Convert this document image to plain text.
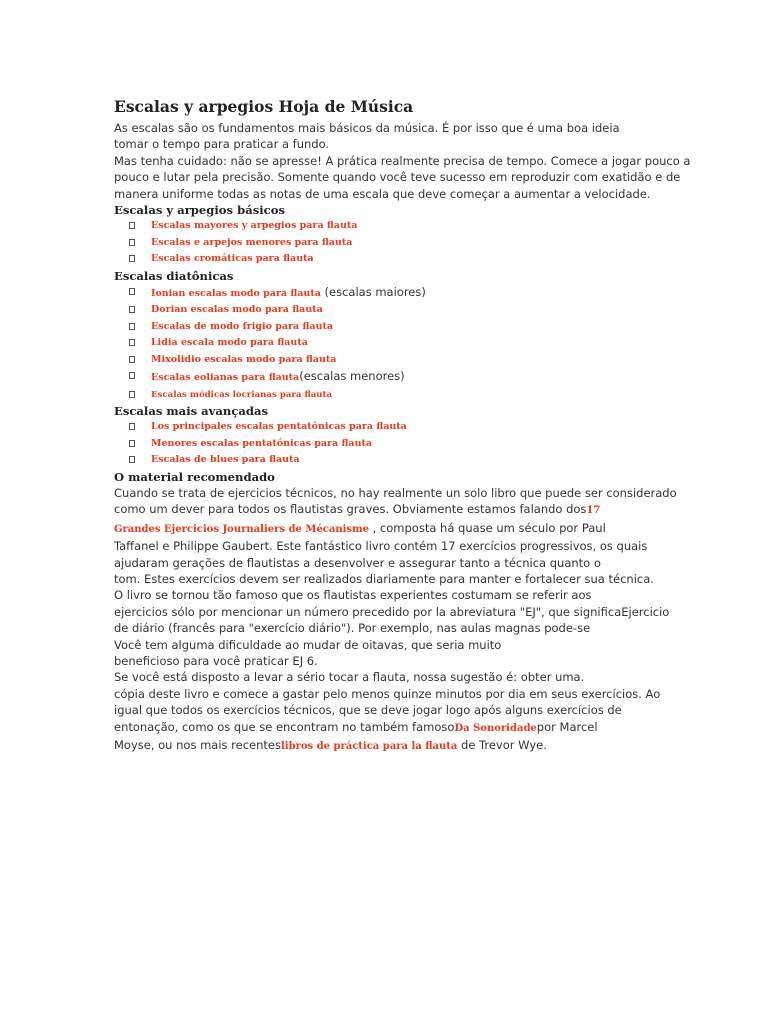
Escalas y arpegios Hoja de Música

As escalas são os fundamentos mais básicos da música. É por isso que é uma boa ideia

tomar o tempo para praticar a fundo.

Mas tenha cuidado: não se apresse! A prática realmente precisa de tempo. Comece a jogar pouco a

pouco e lutar pela precisão. Somente quando você teve sucesso em reproduzir com exatidão e de

manera uniforme todas as notas de uma escala que deve começar a aumentar a velocidade.

Escalas y arpegios básicos
Escalas mayores y arpegios para flauta
Escalas e arpejos menores para flauta
Escalas cromáticas para flauta
Escalas diatônicas
Ionian escalas modo para flauta (escalas maiores)
Dorian escalas modo para flauta
Escalas de modo frigio para flauta
Lidia escala modo para flauta
Mixolidio escalas modo para flauta
Escalas eolianas para flauta(escalas menores)
Escalas módicas locrianas para flauta
Escalas mais avançadas
Los principales escalas pentatónicas para flauta
Menores escalas pentatónicas para flauta
Escalas de blues para flauta
O material recomendado

Cuando se trata de ejercicios técnicos, no hay realmente un solo libro que puede ser considerado

como um dever para todos os flautistas graves. Obviamente estamos falando dos17

Grandes Ejercicios Journaliers de Mécanisme , composta há quase um século por Paul

Taffanel e Philippe Gaubert. Este fantástico livro contém 17 exercícios progressivos, os quais

ajudaram gerações de flautistas a desenvolver e assegurar tanto a técnica quanto o

tom. Estes exercícios devem ser realizados diariamente para manter e fortalecer sua técnica.

O livro se tornou tão famoso que os flautistas experientes costumam se referir aos

ejercicios sólo por mencionar un número precedido por la abreviatura "EJ", que significaEjercicio

de diário (francês para "exercício diário"). Por exemplo, nas aulas magnas pode-se

Você tem alguma dificuldade ao mudar de oitavas, que seria muito

beneficioso para você praticar EJ 6.

Se você está disposto a levar a sério tocar a flauta, nossa sugestão é: obter uma.

cópia deste livro e comece a gastar pelo menos quinze minutos por dia em seus exercícios. Ao

igual que todos os exercícios técnicos, que se deve jogar logo após alguns exercícios de

entonação, como os que se encontram no também famosoDa Sonoridadepor Marcel

Moyse, ou nos mais recenteslibros de práctica para la flauta de Trevor Wye.
